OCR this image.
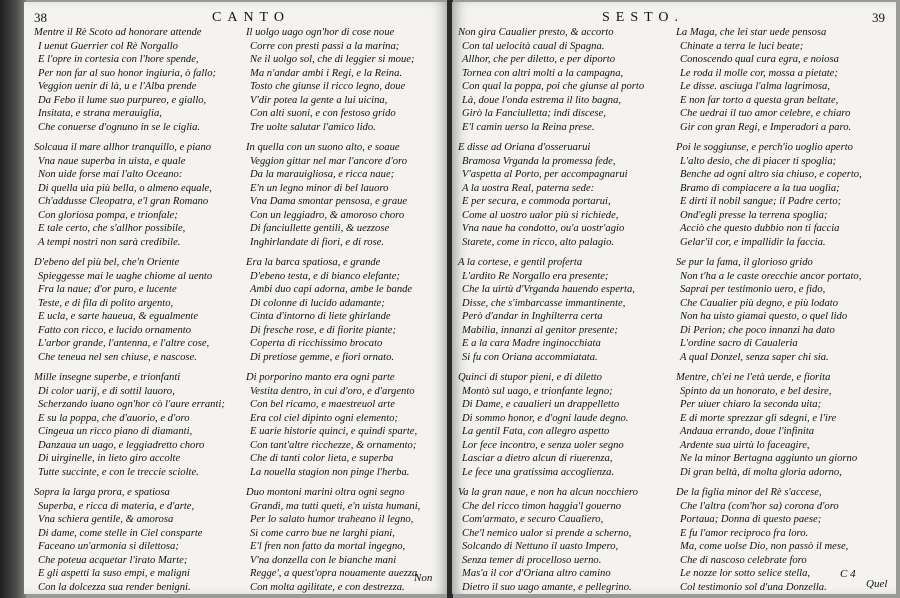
38	CANTO
Mentre il Rè Scoto ad honorare attende
I uenut Guerrier col Rè Norgallo
E l'opre in cortesia con l'hore spende,
Per non far al suo honor ingiuria, ò fallo;
Veggion uenir di là, u e l'Alba prende
Da Febo il lume suo purpureo, e giallo,
Insitata, e strana merauiglia,
Che conuerse d'ognuno in se le ciglia.
Solcaua il mare allhor tranquillo, e piano
Vna naue superba in uista, e quale
Non uide forse mai l'alto Oceano:
Di quella uia più bella, o almeno equale,
Ch'addusse Cleopatra, e'l gran Romano
Con gloriosa pompa, e trionfale;
E tale certo, che s'allhor possibile,
A tempi nostri non sarà credibile.
D'ebeno del più bel, che'n Oriente
Spieggesse mai le uaghe chiome al uento
Fra la naue; d'or puro, e lucente
Teste, e di fila di polito argento,
E ucla, e sarte haueua, & egualmente
Fatto con ricco, e lucido ornamento
L'arbor grande, l'antenna, e l'altre cose,
Che teneua nel sen chiuse, e nascose.
Mille insegne superbe, e trionfanti
Di color uarij, e di sottil lauoro,
Scherzando iuano ogn'hor cò l'aure erranti;
E su la poppa, che d'auorio, e d'oro
Cingeua un ricco piano di diamanti,
Danzaua un uago, e leggiadretto choro
Di uirginelle, in lieto giro accolte
Tutte succinte, e con le treccie sciolte.
Sopra la larga prora, e spatiosa
Superba, e ricca di materia, e d'arte,
Vna schiera gentile, & amorosa
Di dame, come stelle in Ciel consparte
Faceano un'armonia si dilettosa;
Che poteua acquetar l'irato Marte;
E gli aspetti la suso empi, e maligni
Con la dolcezza sua render benigni.
Il uolgo uago ogn'hor di cose noue
Corre con presti passi a la marina;
Ne il uolgo sol, che di leggier si moue;
Ma n'andar ambi i Regi, e la Reina.
Tosto che giunse il ricco legno, doue
V'dir potea la gente a lui uicina,
Con alti suoni, e con festoso grido
Tre uolte salutar l'amico lido.
In quella con un suono alto, e soaue
Veggion gittar nel mar l'ancore d'oro
Da la marauigliosa, e ricca naue;
E'n un legno minor di bel lauoro
Vna Dama smontar pensosa, e graue
Con un leggiadro, & amoroso choro
Di fanciullette gentili, & uezzose
Inghirlandate di fiori, e di rose.
Era la barca spatiosa, e grande
D'ebeno testa, e di bianco elefante;
Ambi duo capi adorna, ambe le bande
Di colonne di lucido adamante;
Cinta d'intorno di liete ghirlande
Di fresche rose, e di fiorite piante;
Coperta di ricchissimo brocato
Di pretiose gemme, e fiori ornato.
Di porporino manto era ogni parte
Vestita dentro, in cui d'oro, e d'argento
Con bel ricamo, e maestreuol arte
Era col ciel dipinto ogni elemento;
E uarie historie quinci, e quindi sparte,
Con tant'altre ricchezze, & ornamento;
Che di tanti color lieta, e superba
La nouella stagion non pinge l'herba.
Duo montoni marini oltra ogni segno
Grandi, ma tutti queti, e'n uista humani,
Per lo salato humor traheano il legno,
Sì come carro bue ne larghi piani,
E'l fren non fatto da mortal ingegno,
V'na donzella con le bianche mani
Regge', a quest'opra nouamente auezza
Con molta agilitate, e con destrezza.
Non
SESTO.	39
Non gira Caualier presto, & accorto
Con tal uelocità caual di Spagna.
Allhor, che per diletto, e per diporto
Tornea con altri molti a la campagna,
Con qual la poppa, poi che giunse al porto
Là, doue l'onda estrema il lito bagna,
Girò la Fanciulletta; indi discese,
E'l camin uerso la Reina prese.
E disse ad Oriana d'osseruarui
Bramosa Vrganda la promessa fede,
V'aspetta al Porto, per accompagnarui
A la uostra Real, paterna sede:
E per secura, e commoda portarui,
Come al uostro ualor più si richiede,
Vna naue ha condotto, ou'a uostr'agio
Starete, come in ricco, alto palagio.
A la cortese, e gentil proferta
L'ardito Re Norgallo era presente;
Che la uirtù d'Vrganda hauendo esperta,
Disse, che s'imbarcasse immantinente,
Però d'andar in Inghilterra certa
Mabilia, innanzi al genitor presente;
E a la cara Madre inginocchiata
Si fu con Oriana accommiatata.
Quinci di stupor pieni, e di diletto
Montò sul uago, e trionfante legno;
Di Dame, e caualieri un drappelletto
Di sommo honor, e d'ogni laude degno.
La gentil Fata, con allegro aspetto
Lor fece incontro, e senza uoler segno
Lasciar a dietro alcun di riuerenza,
Le fece una gratissima accoglienza.
Va la gran naue, e non ha alcun nocchiero
Che del ricco timon haggia'l gouerno
Com'armato, e securo Caualiero,
Che'l nemico ualor si prende a scherno,
Solcando di Nettuno il uasto Impero,
Senza temer di procelloso uerno.
Mas'a il cor d'Oriana altro camino
Dietro il suo uago amante, e pellegrino.
La Maga, che lei star uede pensosa
Chinate a terra le luci beate;
Conoscendo qual cura egra, e noiosa
Le roda il molle cor, mossa a pietate;
Le disse. asciuga l'alma lagrimosa,
E non far torto a questa gran beltate,
Che uedrai il tuo amor celebre, e chiaro
Gir con gran Regi, e Imperadori a paro.
Poi le soggiunse, e perch'io uoglio aperto
L'alto desio, che di piacer ti spoglia;
Benche ad ogni altro sia chiuso, e coperto,
Bramo di compiacere a la tua uoglia;
E dirti il nobil sangue; il Padre certo;
Ond'egli presse la terrena spoglia;
Acciò che questo dubbio non ti faccia
Gelar'il cor, e impallidir la faccia.
Se pur la fama, il glorioso grido
Non t'ha a le caste orecchie ancor portato,
Saprai per testimonio uero, e fido,
Che Caualier più degno, e più lodato
Non ha uisto giamai questo, o quel lido
Di Perion; che poco innanzi ha dato
L'ordine sacro di Caualeria
A qual Donzel, senza saper chi sia.
Mentre, ch'ei ne l'età uerde, e fiorita
Spinto da un honorato, e bel desire,
Per uiuer chiaro la seconda uita;
E di morte sprezzar gli sdegni, e l'ire
Andaua errando, doue l'infinita
Ardente sua uirtù lo faceagire,
Ne la minor Bertagna aggiunto un giorno
Di gran beltà, di molta gloria adorno,
De la figlia minor del Rè s'accese,
Che l'altra (com'hor sa) corona d'oro
Portaua; Donna di questo paese;
E fu l'amor reciproco fra loro.
Ma, come uolse Dio, non passò il mese,
Che di nascoso celebrate foro
Le nozze lor sotto selice stella,
Col testimonio sol d'una Donzella.
C 4
Quel
